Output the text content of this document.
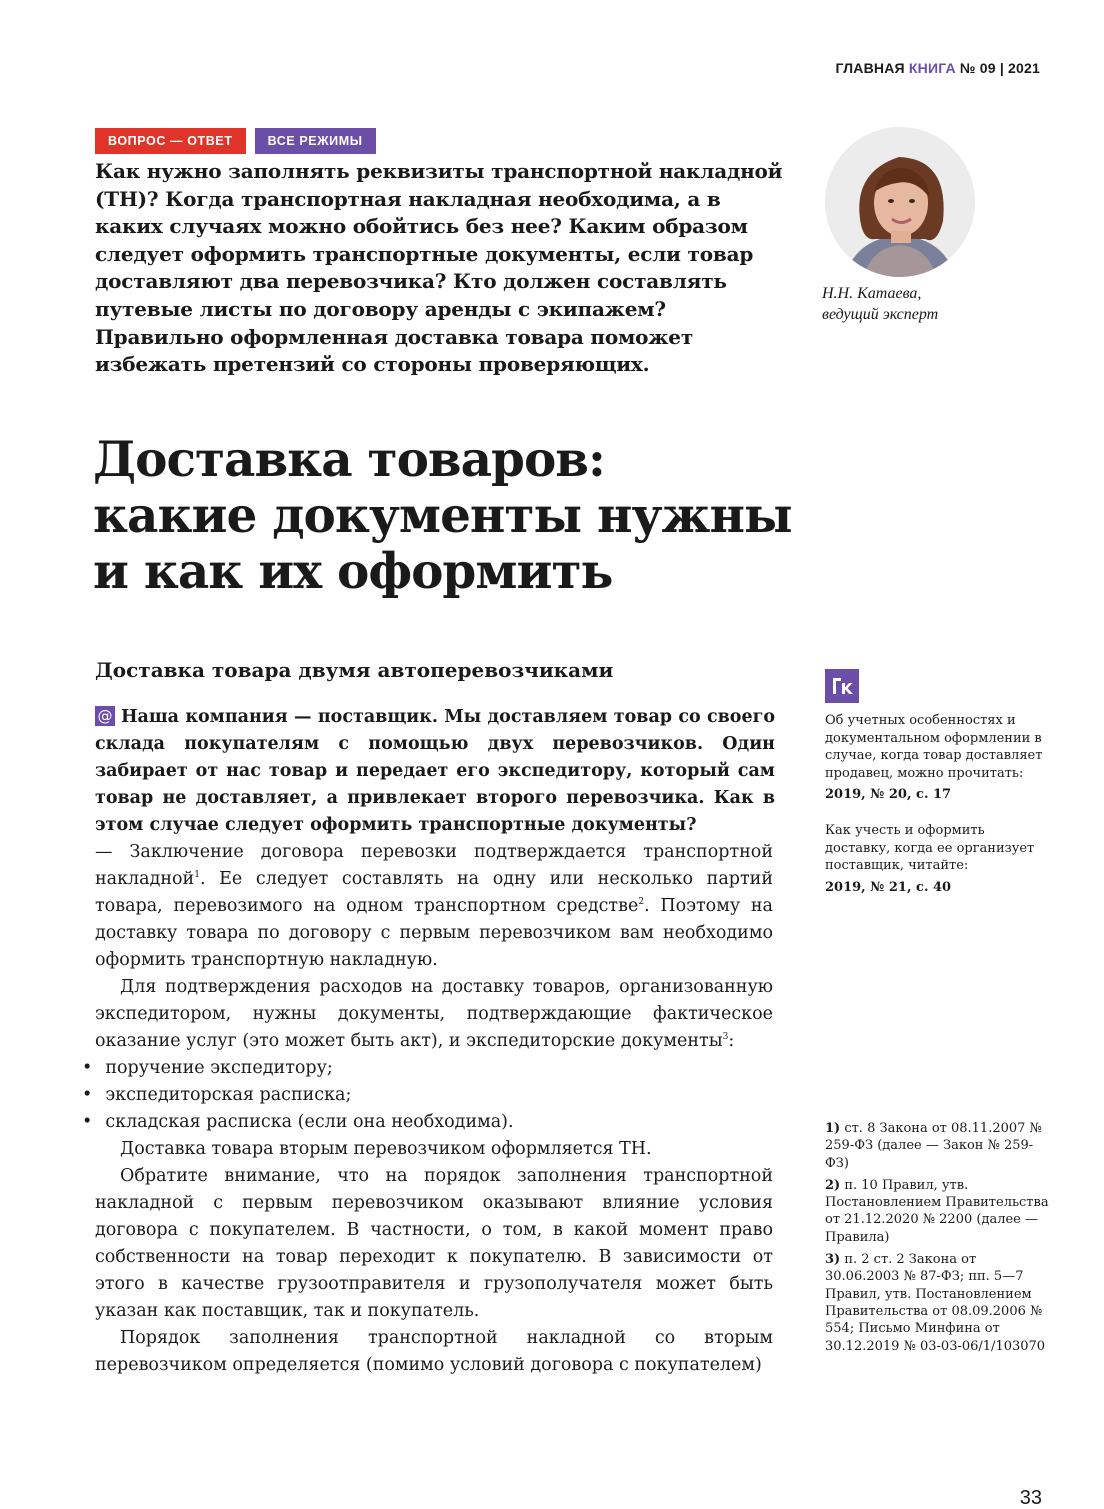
ГЛАВНАЯ КНИГА № 09 | 2021
ВОПРОС — ОТВЕТ	ВСЕ РЕЖИМЫ
Как нужно заполнять реквизиты транспортной накладной (ТН)? Когда транспортная накладная необходима, а в каких случаях можно обойтись без нее? Каким образом следует оформить транспортные документы, если товар доставляют два перевозчика? Кто должен составлять путевые листы по договору аренды с экипажем? Правильно оформленная доставка товара поможет избежать претензий со стороны проверяющих.
Доставка товаров:
какие документы нужны
и как их оформить
Н.Н. Катаева,
ведущий эксперт
Доставка товара двумя автоперевозчиками
@ Наша компания — поставщик. Мы доставляем товар со своего склада покупателям с помощью двух перевозчиков. Один забирает от нас товар и передает его экспедитору, который сам товар не доставляет, а привлекает второго перевозчика. Как в этом случае следует оформить транспортные документы?

— Заключение договора перевозки подтверждается транспортной накладной$^1$. Ее следует составлять на одну или несколько партий товара, перевозимого на одном транспортном средстве$^2$. Поэтому на доставку товара по договору с первым перевозчиком вам необходимо оформить транспортную накладную.

Для подтверждения расходов на доставку товаров, организованную экспедитором, нужны документы, подтверждающие фактическое оказание услуг (это может быть акт), и экспедиторские документы$^3$:

• поручение экспедитору;

• экспедиторская расписка;

• складская расписка (если она необходима).

Доставка товара вторым перевозчиком оформляется ТН.

Обратите внимание, что на порядок заполнения транспортной накладной с первым перевозчиком оказывают влияние условия договора с покупателем. В частности, о том, в какой момент право собственности на товар переходит к покупателю. В зависимости от этого в качестве грузоотправителя и грузополучателя может быть указан как поставщик, так и покупатель.

Порядок заполнения транспортной накладной со вторым перевозчиком определяется (помимо условий договора с покупателем)

Об учетных особенностях и документальном оформлении в случае, когда товар доставляет продавец, можно прочитать:
2019, № 20, с. 17
Как учесть и оформить доставку, когда ее организует поставщик, читайте:
2019, № 21, с. 40
1) ст. 8 Закона от 08.11.2007 № 259-ФЗ (далее — Закон № 259-ФЗ)
2) п. 10 Правил, утв. Постановлением Правительства от 21.12.2020 № 2200 (далее — Правила)
3) п. 2 ст. 2 Закона от 30.06.2003 № 87-ФЗ; пп. 5—7 Правил, утв. Постановлением Правительства от 08.09.2006 № 554; Письмо Минфина от 30.12.2019 № 03-03-06/1/103070
33
